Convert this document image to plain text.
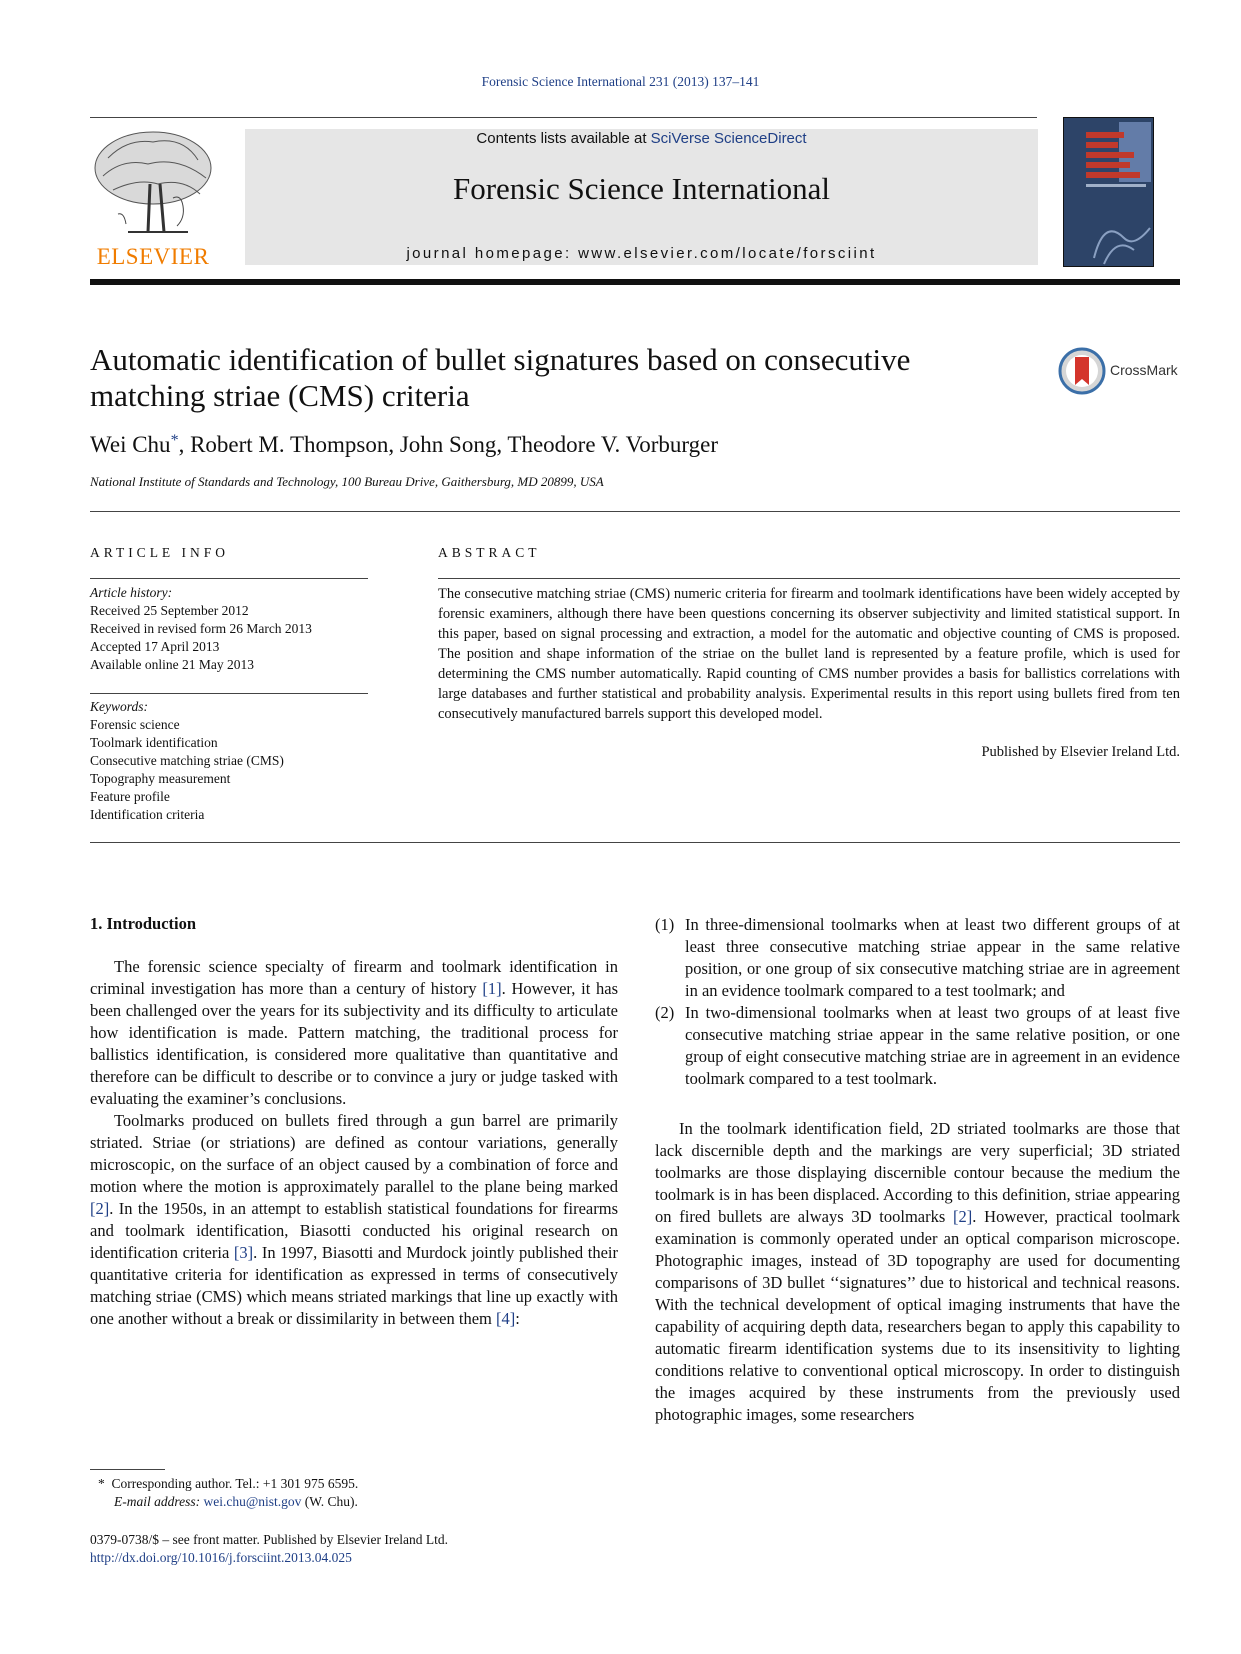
Forensic Science International 231 (2013) 137–141
ELSEVIER
Contents lists available at SciVerse ScienceDirect
Forensic Science International
journal homepage: www.elsevier.com/locate/forsciint
Automatic identification of bullet signatures based on consecutive matching striae (CMS) criteria
CrossMark
Wei Chu*, Robert M. Thompson, John Song, Theodore V. Vorburger
National Institute of Standards and Technology, 100 Bureau Drive, Gaithersburg, MD 20899, USA
ARTICLE INFO
Article history:
Received 25 September 2012
Received in revised form 26 March 2013
Accepted 17 April 2013
Available online 21 May 2013
Keywords:
Forensic science
Toolmark identification
Consecutive matching striae (CMS)
Topography measurement
Feature profile
Identification criteria
ABSTRACT
The consecutive matching striae (CMS) numeric criteria for firearm and toolmark identifications have been widely accepted by forensic examiners, although there have been questions concerning its observer subjectivity and limited statistical support. In this paper, based on signal processing and extraction, a model for the automatic and objective counting of CMS is proposed. The position and shape information of the striae on the bullet land is represented by a feature profile, which is used for determining the CMS number automatically. Rapid counting of CMS number provides a basis for ballistics correlations with large databases and further statistical and probability analysis. Experimental results in this report using bullets fired from ten consecutively manufactured barrels support this developed model.
Published by Elsevier Ireland Ltd.
1. Introduction

The forensic science specialty of firearm and toolmark identification in criminal investigation has more than a century of history [1]. However, it has been challenged over the years for its subjectivity and its difficulty to articulate how identification is made. Pattern matching, the traditional process for ballistics identification, is considered more qualitative than quantitative and therefore can be difficult to describe or to convince a jury or judge tasked with evaluating the examiner’s conclusions.

Toolmarks produced on bullets fired through a gun barrel are primarily striated. Striae (or striations) are defined as contour variations, generally microscopic, on the surface of an object caused by a combination of force and motion where the motion is approximately parallel to the plane being marked [2]. In the 1950s, in an attempt to establish statistical foundations for firearms and toolmark identification, Biasotti conducted his original research on identification criteria [3]. In 1997, Biasotti and Murdock jointly published their quantitative criteria for identification as expressed in terms of consecutively matching striae (CMS) which means striated markings that line up exactly with one another without a break or dissimilarity in between them [4]:

(1) In three-dimensional toolmarks when at least two different groups of at least three consecutive matching striae appear in the same relative position, or one group of six consecutive matching striae are in agreement in an evidence toolmark compared to a test toolmark; and
(2) In two-dimensional toolmarks when at least two groups of at least five consecutive matching striae appear in the same relative position, or one group of eight consecutive matching striae are in agreement in an evidence toolmark compared to a test toolmark.

In the toolmark identification field, 2D striated toolmarks are those that lack discernible depth and the markings are very superficial; 3D striated toolmarks are those displaying discernible contour because the medium the toolmark is in has been displaced. According to this definition, striae appearing on fired bullets are always 3D toolmarks [2]. However, practical toolmark examination is commonly operated under an optical comparison microscope. Photographic images, instead of 3D topography are used for documenting comparisons of 3D bullet ‘‘signatures’’ due to historical and technical reasons. With the technical development of optical imaging instruments that have the capability of acquiring depth data, researchers began to apply this capability to automatic firearm identification systems due to its insensitivity to lighting conditions relative to conventional optical microscopy. In order to distinguish the images acquired by these instruments from the previously used photographic images, some researchers

* Corresponding author. Tel.: +1 301 975 6595.
E-mail address: wei.chu@nist.gov (W. Chu).
0379-0738/$ – see front matter. Published by Elsevier Ireland Ltd.
http://dx.doi.org/10.1016/j.forsciint.2013.04.025
